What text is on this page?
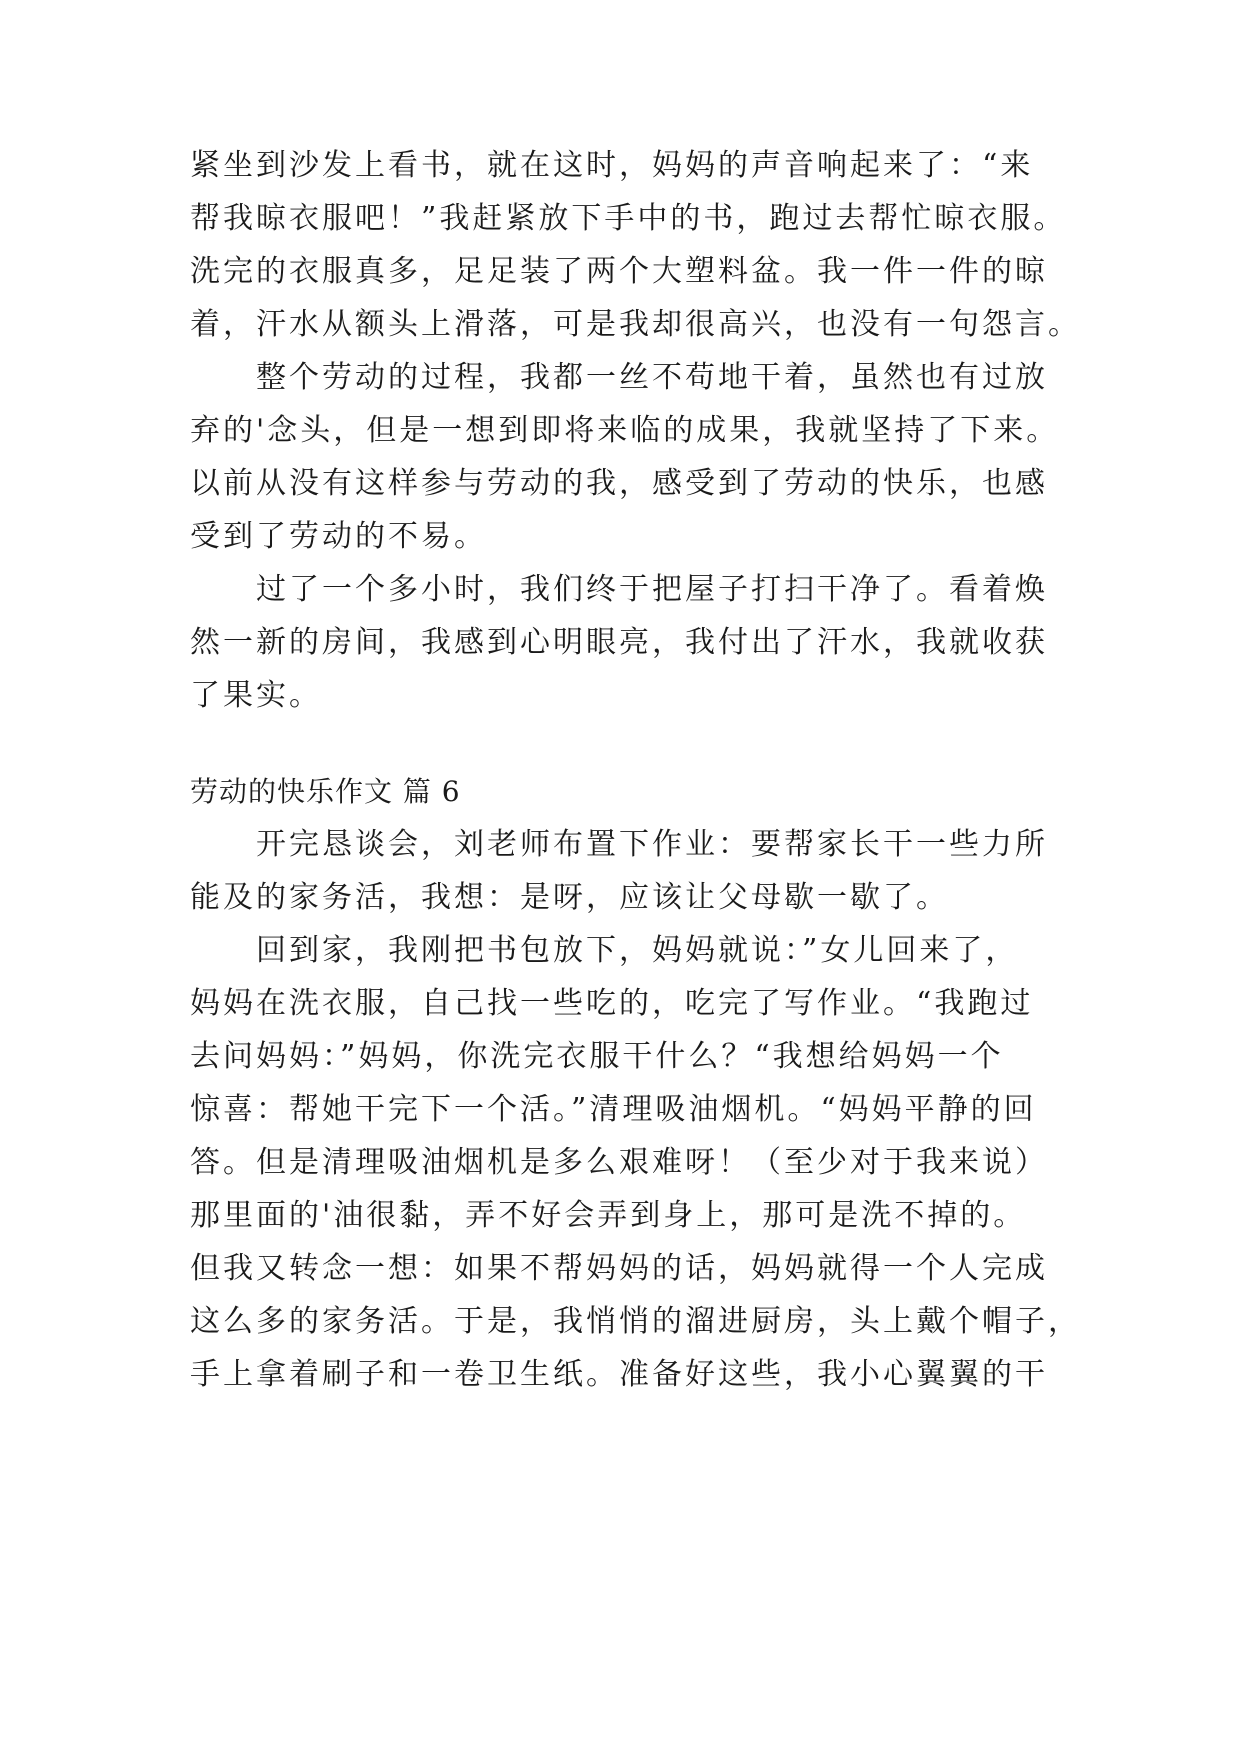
紧坐到沙发上看书，就在这时，妈妈的声音响起来了：“来
帮我晾衣服吧！”我赶紧放下手中的书，跑过去帮忙晾衣服。
洗完的衣服真多，足足装了两个大塑料盆。我一件一件的晾
着，汗水从额头上滑落，可是我却很高兴，也没有一句怨言。
整个劳动的过程，我都一丝不苟地干着，虽然也有过放
弃的'念头，但是一想到即将来临的成果，我就坚持了下来。
以前从没有这样参与劳动的我，感受到了劳动的快乐，也感
受到了劳动的不易。
过了一个多小时，我们终于把屋子打扫干净了。看着焕
然一新的房间，我感到心明眼亮，我付出了汗水，我就收获
了果实。
劳动的快乐作文 篇 6
开完恳谈会，刘老师布置下作业：要帮家长干一些力所
能及的家务活，我想：是呀，应该让父母歇一歇了。
回到家，我刚把书包放下，妈妈就说：”女儿回来了，
妈妈在洗衣服，自己找一些吃的，吃完了写作业。“我跑过
去问妈妈：”妈妈，你洗完衣服干什么？“我想给妈妈一个
惊喜：帮她干完下一个活。”清理吸油烟机。“妈妈平静的回
答。但是清理吸油烟机是多么艰难呀！（至少对于我来说）
那里面的'油很黏，弄不好会弄到身上，那可是洗不掉的。
但我又转念一想：如果不帮妈妈的话，妈妈就得一个人完成
这么多的家务活。于是，我悄悄的溜进厨房，头上戴个帽子，
手上拿着刷子和一卷卫生纸。准备好这些，我小心翼翼的干
